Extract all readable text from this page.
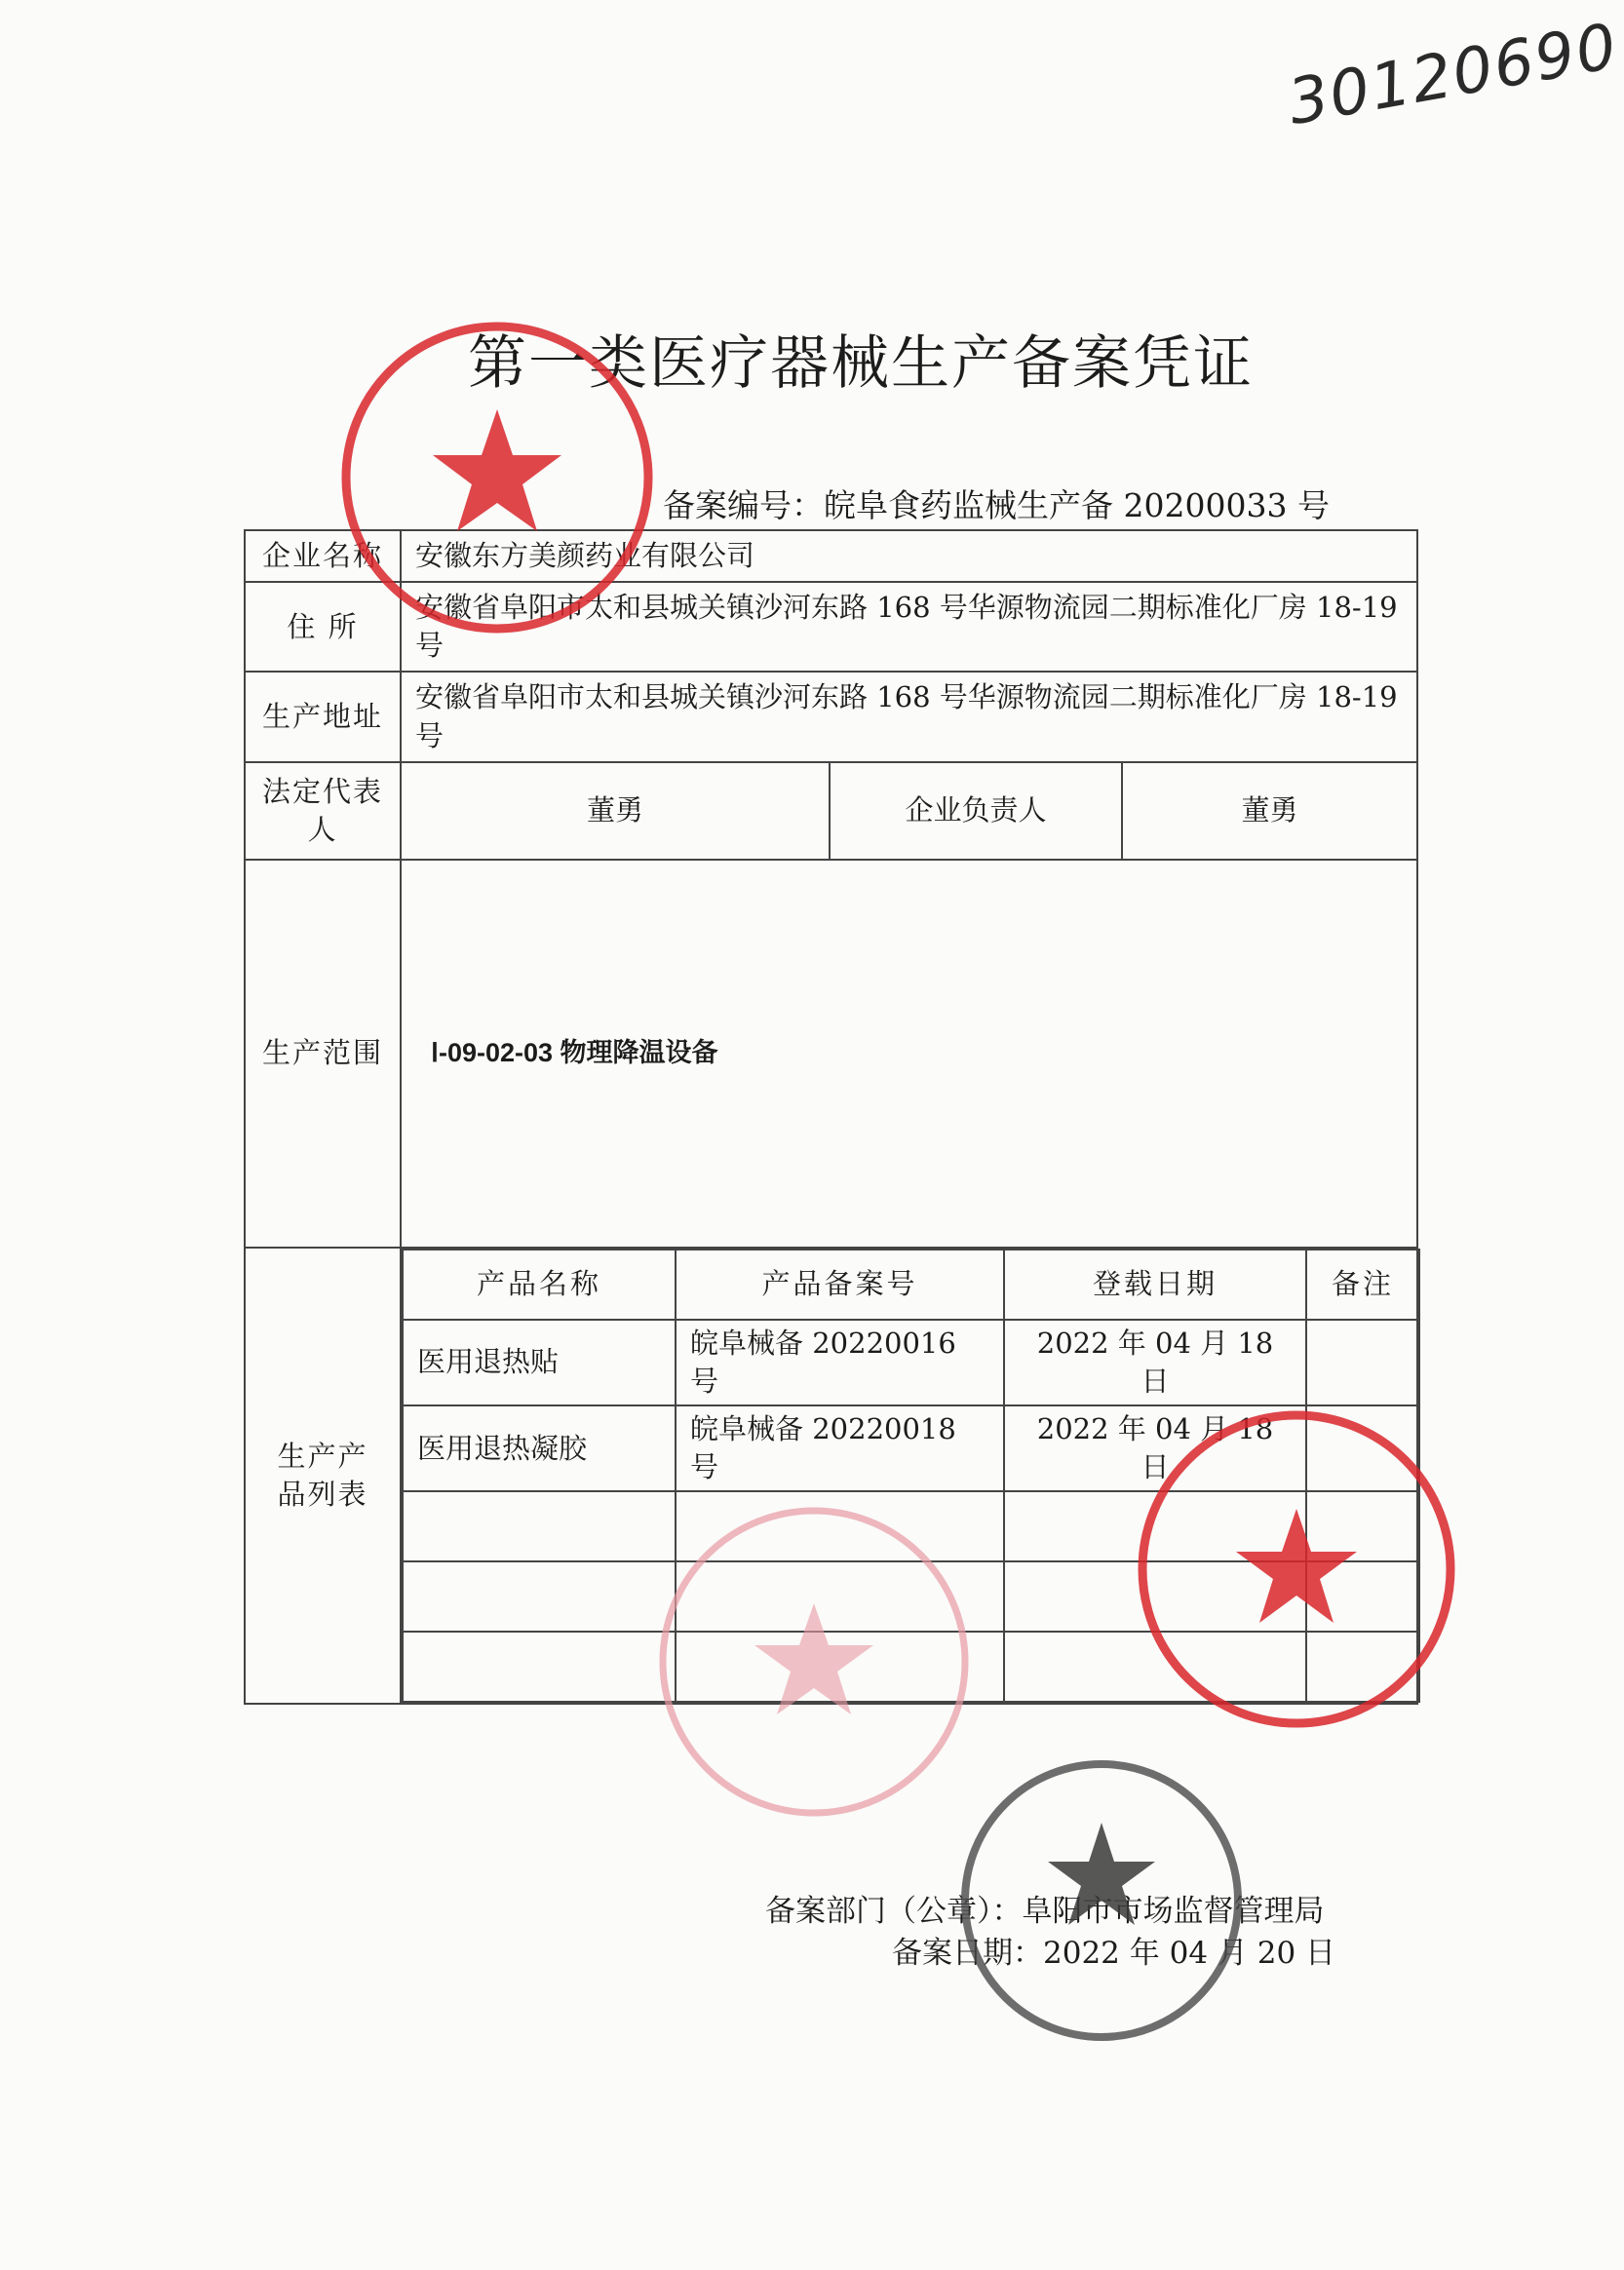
30120690
第一类医疗器械生产备案凭证
备案编号：皖阜食药监械生产备 20200033 号
企业名称	安徽东方美颜药业有限公司
住 所	安徽省阜阳市太和县城关镇沙河东路 168 号华源物流园二期标准化厂房 18-19 号
生产地址	安徽省阜阳市太和县城关镇沙河东路 168 号华源物流园二期标准化厂房 18-19 号
法定代表人	董勇	企业负责人	董勇
生产范围	Ⅰ-09-02-03 物理降温设备
生产产品列表	
产品名称	产品备案号	登载日期	备注
医用退热贴	皖阜械备 20220016 号	2022 年 04 月 18 日	
医用退热凝胶	皖阜械备 20220018 号	2022 年 04 月 18 日	

备案部门（公章）：阜阳市市场监督管理局
备案日期：2022 年 04 月 20 日
